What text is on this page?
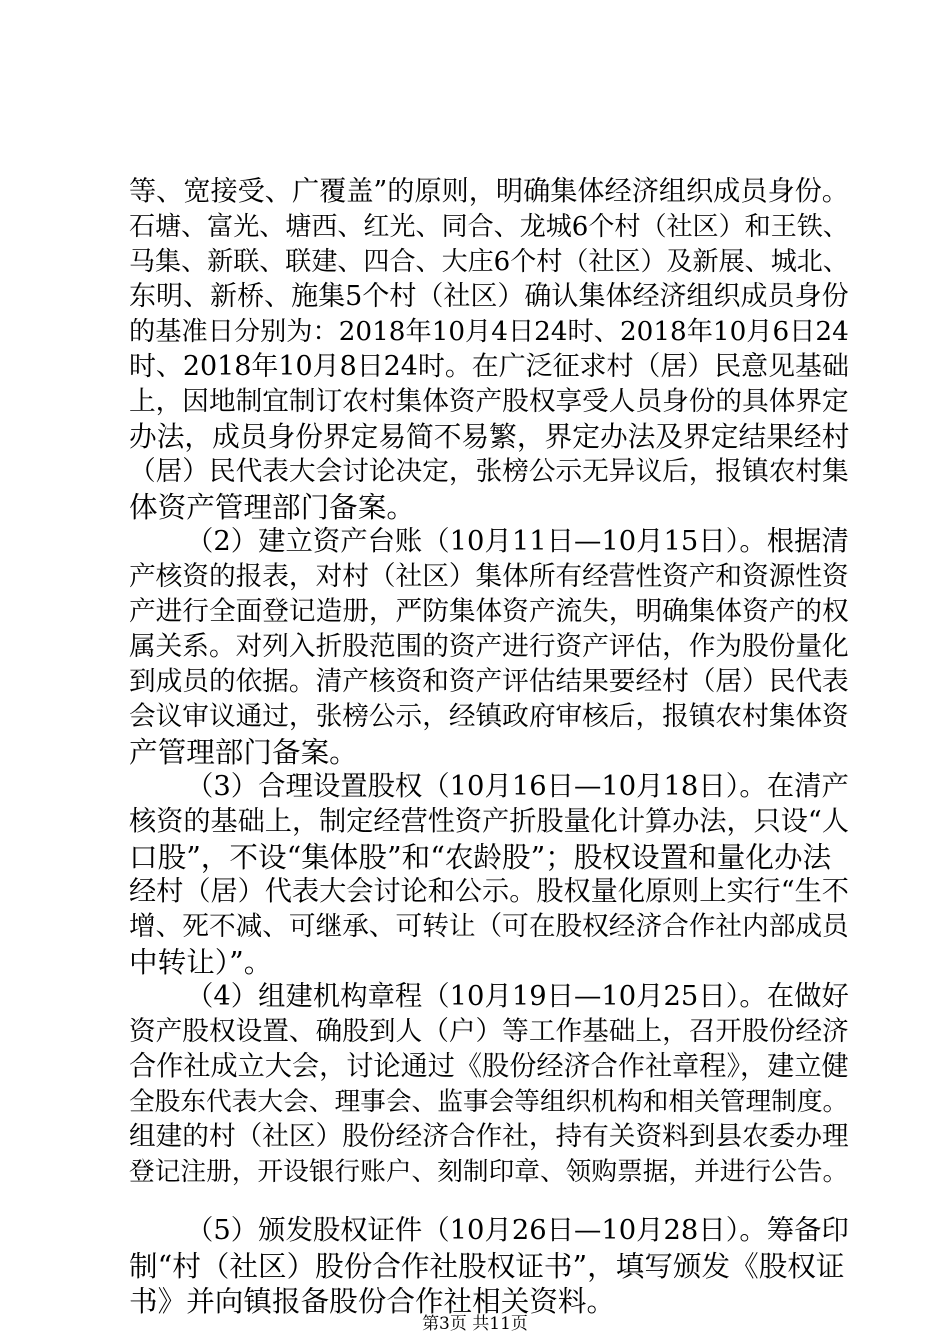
等、宽接受、广覆盖”的原则，明确集体经济组织成员身份。
石塘、富光、塘西、红光、同合、龙城6个村（社区）和王铁、
马集、新联、联建、四合、大庄6个村（社区）及新展、城北、
东明、新桥、施集5个村（社区）确认集体经济组织成员身份
的基准日分别为：2018年10月4日24时、2018年10月6日24
时、2018年10月8日24时。在广泛征求村（居）民意见基础
上，因地制宜制订农村集体资产股权享受人员身份的具体界定
办法，成员身份界定易简不易繁，界定办法及界定结果经村
（居）民代表大会讨论决定，张榜公示无异议后，报镇农村集
体资产管理部门备案。
（2）建立资产台账（10月11日—10月15日）。根据清
产核资的报表，对村（社区）集体所有经营性资产和资源性资
产进行全面登记造册，严防集体资产流失，明确集体资产的权
属关系。对列入折股范围的资产进行资产评估，作为股份量化
到成员的依据。清产核资和资产评估结果要经村（居）民代表
会议审议通过，张榜公示，经镇政府审核后，报镇农村集体资
产管理部门备案。
（3）合理设置股权（10月16日—10月18日）。在清产
核资的基础上，制定经营性资产折股量化计算办法，只设“人
口股”，不设“集体股”和“农龄股”；股权设置和量化办法
经村（居）代表大会讨论和公示。股权量化原则上实行“生不
增、死不减、可继承、可转让（可在股权经济合作社内部成员
中转让）”。
（4）组建机构章程（10月19日—10月25日）。在做好
资产股权设置、确股到人（户）等工作基础上，召开股份经济
合作社成立大会，讨论通过《股份经济合作社章程》，建立健
全股东代表大会、理事会、监事会等组织机构和相关管理制度。
组建的村（社区）股份经济合作社，持有关资料到县农委办理
登记注册，开设银行账户、刻制印章、领购票据，并进行公告。
（5）颁发股权证件（10月26日—10月28日）。筹备印
制“村（社区）股份合作社股权证书”，填写颁发《股权证
书》并向镇报备股份合作社相关资料。
第3页 共11页
